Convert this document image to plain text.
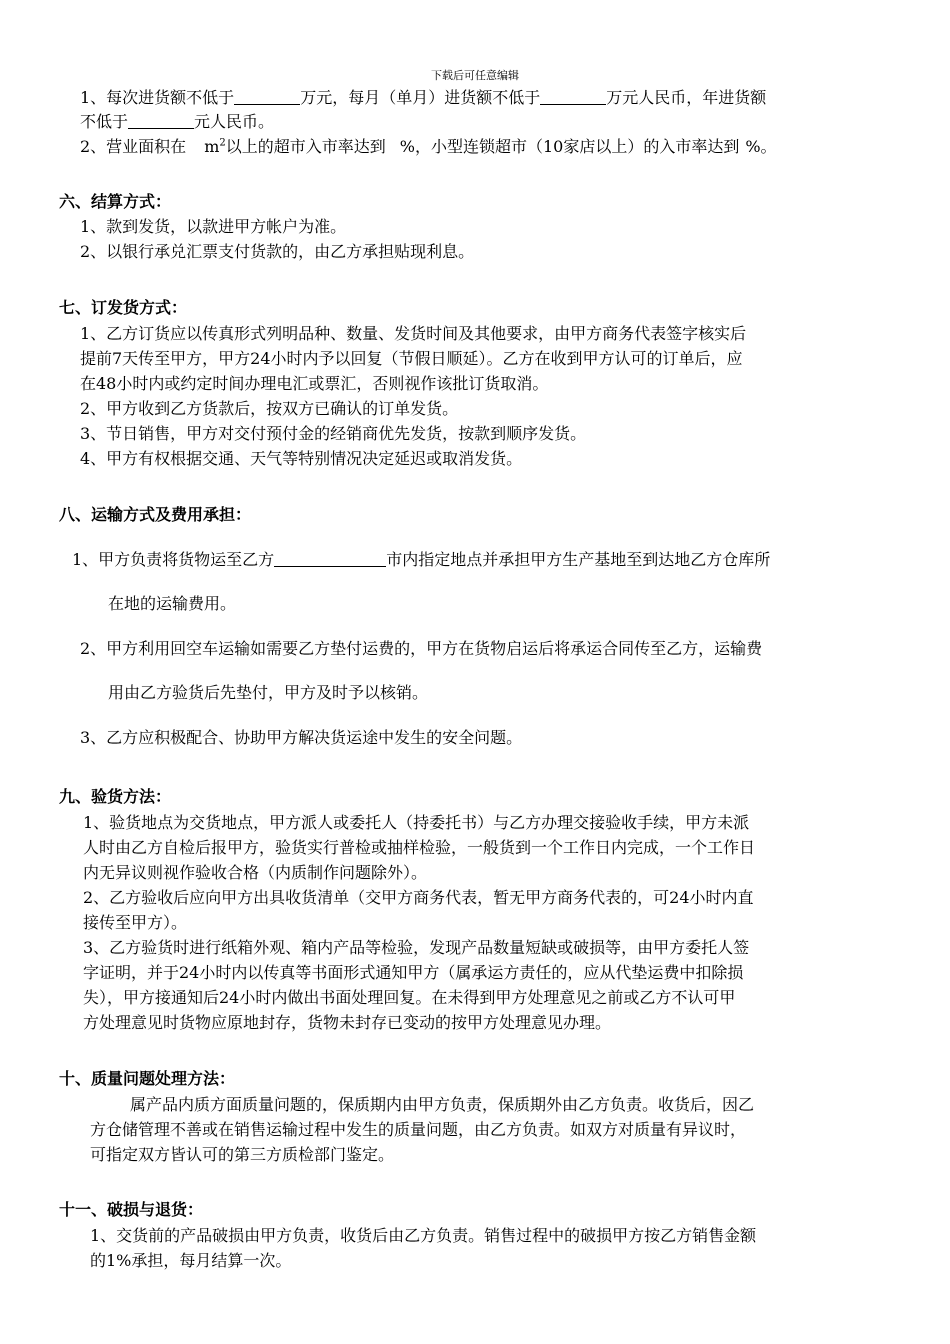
下载后可任意编辑
1、每次进货额不低于	万元，每月（单月）进货额不低于	万元人民币，年进货额
不低于	元人民币。
2、营业面积在 $m^2$以上的超市入市率达到 %，小型连锁超市（10家店以上）的入市率达到 %。
六、结算方式：
1、款到发货，以款进甲方帐户为准。
2、以银行承兑汇票支付货款的，由乙方承担贴现利息。
七、订发货方式：
1、乙方订货应以传真形式列明品种、数量、发货时间及其他要求，由甲方商务代表签字核实后
提前7天传至甲方，甲方24小时内予以回复（节假日顺延）。乙方在收到甲方认可的订单后，应
在48小时内或约定时间办理电汇或票汇，否则视作该批订货取消。
2、甲方收到乙方货款后，按双方已确认的订单发货。
3、节日销售，甲方对交付预付金的经销商优先发货，按款到顺序发货。
4、甲方有权根据交通、天气等特别情况决定延迟或取消发货。
八、运输方式及费用承担：
1、甲方负责将货物运至乙方	市内指定地点并承担甲方生产基地至到达地乙方仓库所
在地的运输费用。
2、甲方利用回空车运输如需要乙方垫付运费的，甲方在货物启运后将承运合同传至乙方，运输费
用由乙方验货后先垫付，甲方及时予以核销。
3、乙方应积极配合、协助甲方解决货运途中发生的安全问题。
九、验货方法：
1、验货地点为交货地点，甲方派人或委托人（持委托书）与乙方办理交接验收手续，甲方未派
人时由乙方自检后报甲方，验货实行普检或抽样检验，一般货到一个工作日内完成，一个工作日
内无异议则视作验收合格（内质制作问题除外）。
2、乙方验收后应向甲方出具收货清单（交甲方商务代表，暂无甲方商务代表的，可24小时内直
接传至甲方）。
3、乙方验货时进行纸箱外观、箱内产品等检验，发现产品数量短缺或破损等，由甲方委托人签
字证明，并于24小时内以传真等书面形式通知甲方（属承运方责任的，应从代垫运费中扣除损
失），甲方接通知后24小时内做出书面处理回复。在未得到甲方处理意见之前或乙方不认可甲
方处理意见时货物应原地封存，货物未封存已变动的按甲方处理意见办理。
十、质量问题处理方法：
属产品内质方面质量问题的，保质期内由甲方负责，保质期外由乙方负责。收货后，因乙
方仓储管理不善或在销售运输过程中发生的质量问题，由乙方负责。如双方对质量有异议时，
可指定双方皆认可的第三方质检部门鉴定。
十一、破损与退货：
1、交货前的产品破损由甲方负责，收货后由乙方负责。销售过程中的破损甲方按乙方销售金额
的1%承担，每月结算一次。
